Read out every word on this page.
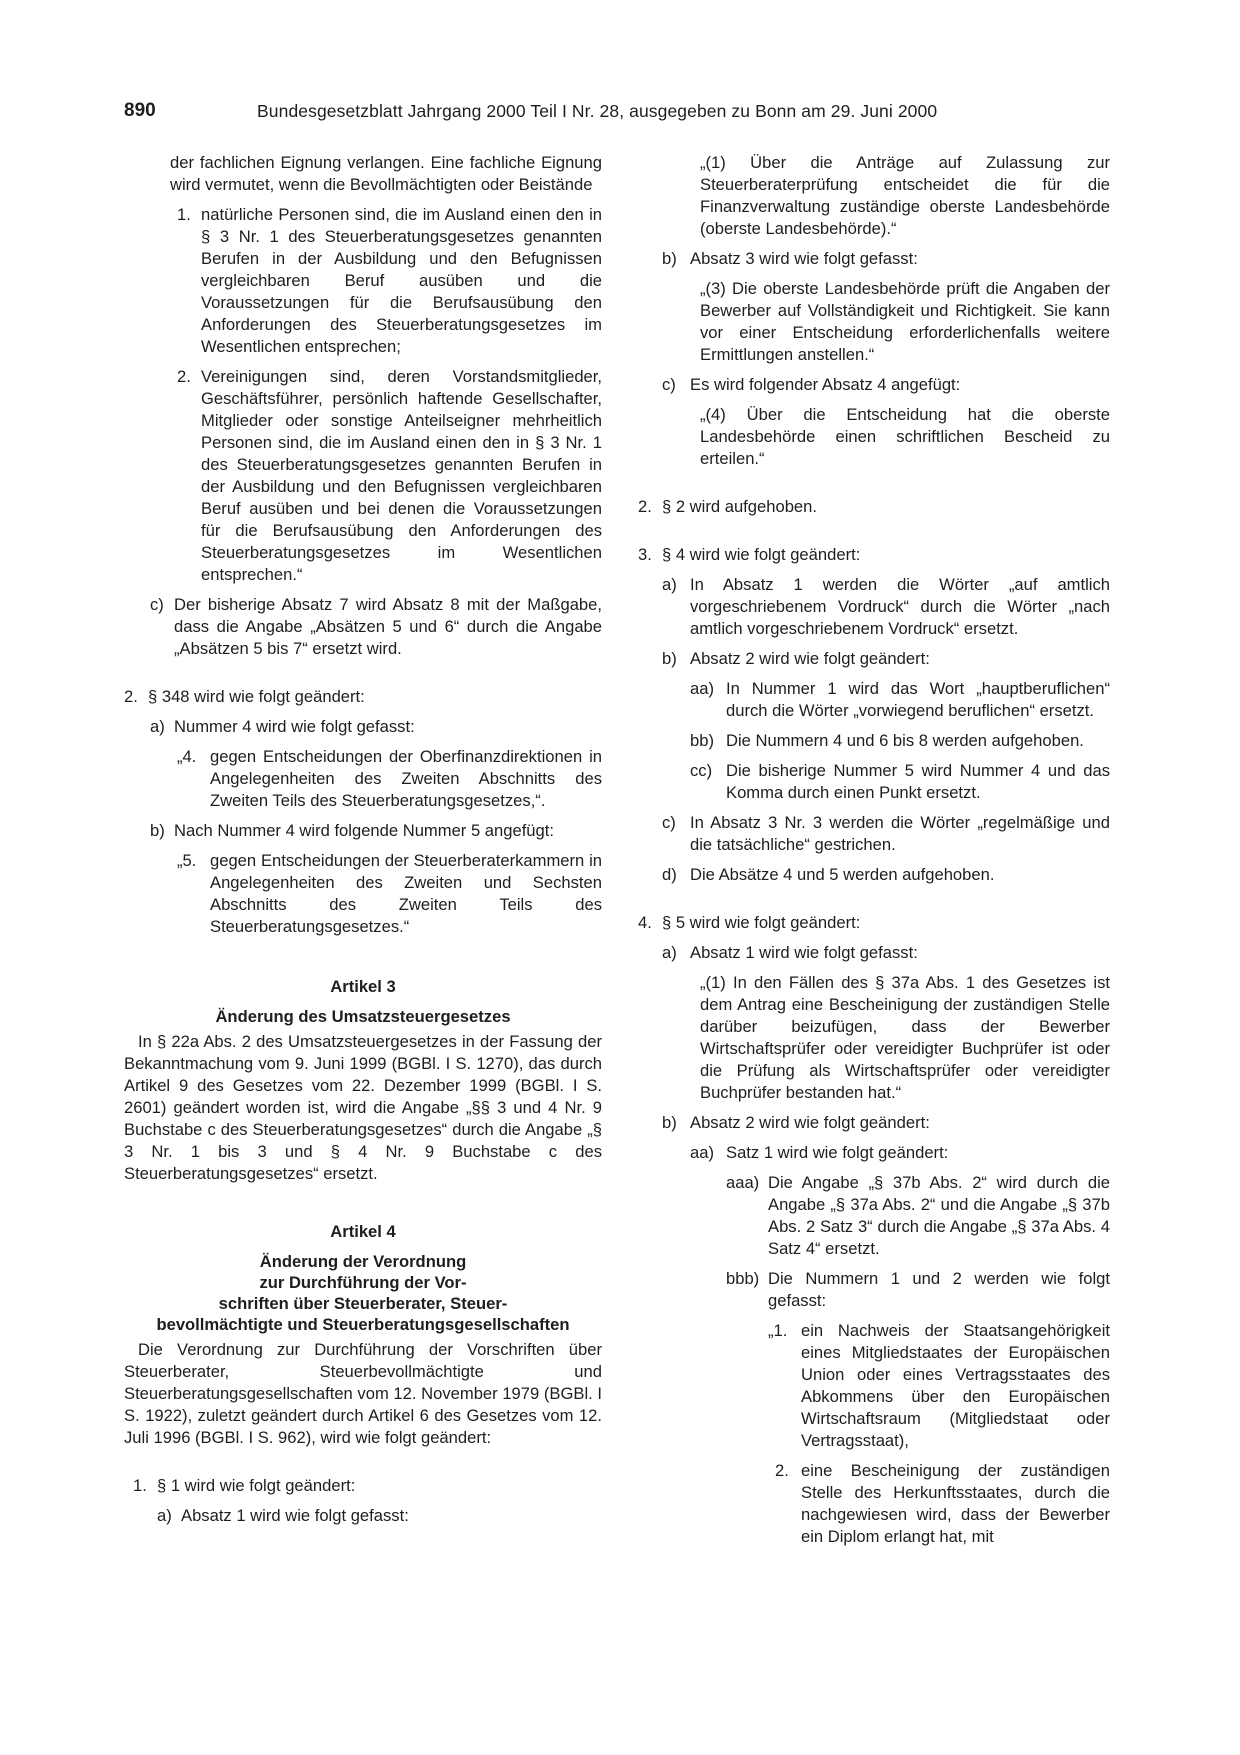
890	Bundesgesetzblatt Jahrgang 2000 Teil I Nr. 28, ausgegeben zu Bonn am 29. Juni 2000

der fachlichen Eignung verlangen. Eine fachliche Eignung wird vermutet, wenn die Bevollmächtigten oder Beistände

1. natürliche Personen sind, die im Ausland einen den in § 3 Nr. 1 des Steuerberatungsgesetzes genannten Berufen in der Ausbildung und den Befugnissen vergleichbaren Beruf ausüben und die Voraussetzungen für die Berufsausübung den Anforderungen des Steuerberatungsgesetzes im Wesentlichen entsprechen;
2. Vereinigungen sind, deren Vorstandsmitglieder, Geschäftsführer, persönlich haftende Gesellschafter, Mitglieder oder sonstige Anteilseigner mehrheitlich Personen sind, die im Ausland einen den in § 3 Nr. 1 des Steuerberatungsgesetzes genannten Berufen in der Ausbildung und den Befugnissen vergleichbaren Beruf ausüben und bei denen die Voraussetzungen für die Berufsausübung den Anforderungen des Steuerberatungsgesetzes im Wesentlichen entsprechen.“
c) Der bisherige Absatz 7 wird Absatz 8 mit der Maßgabe, dass die Angabe „Absätzen 5 und 6“ durch die Angabe „Absätzen 5 bis 7“ ersetzt wird.
2. § 348 wird wie folgt geändert:
a) Nummer 4 wird wie folgt gefasst:
„4. gegen Entscheidungen der Oberfinanzdirektionen in Angelegenheiten des Zweiten Abschnitts des Zweiten Teils des Steuerberatungsgesetzes,“.
b) Nach Nummer 4 wird folgende Nummer 5 angefügt:
„5. gegen Entscheidungen der Steuerberaterkammern in Angelegenheiten des Zweiten und Sechsten Abschnitts des Zweiten Teils des Steuerberatungsgesetzes.“

Artikel 3

Änderung des Umsatzsteuergesetzes

In § 22a Abs. 2 des Umsatzsteuergesetzes in der Fassung der Bekanntmachung vom 9. Juni 1999 (BGBl. I S. 1270), das durch Artikel 9 des Gesetzes vom 22. Dezember 1999 (BGBl. I S. 2601) geändert worden ist, wird die Angabe „§§ 3 und 4 Nr. 9 Buchstabe c des Steuerberatungsgesetzes“ durch die Angabe „§ 3 Nr. 1 bis 3 und § 4 Nr. 9 Buchstabe c des Steuerberatungsgesetzes“ ersetzt.

Artikel 4

Änderung der Verordnung

zur Durchführung der Vor-

schriften über Steuerberater, Steuer-

bevollmächtigte und Steuerberatungsgesellschaften

Die Verordnung zur Durchführung der Vorschriften über Steuerberater, Steuerbevollmächtigte und Steuerberatungsgesellschaften vom 12. November 1979 (BGBl. I S. 1922), zuletzt geändert durch Artikel 6 des Gesetzes vom 12. Juli 1996 (BGBl. I S. 962), wird wie folgt geändert:

1. § 1 wird wie folgt geändert:
a) Absatz 1 wird wie folgt gefasst:

„(1) Über die Anträge auf Zulassung zur Steuerberaterprüfung entscheidet die für die Finanzverwaltung zuständige oberste Landesbehörde (oberste Landesbehörde).“

b) Absatz 3 wird wie folgt gefasst:

„(3) Die oberste Landesbehörde prüft die Angaben der Bewerber auf Vollständigkeit und Richtigkeit. Sie kann vor einer Entscheidung erforderlichenfalls weitere Ermittlungen anstellen.“

c) Es wird folgender Absatz 4 angefügt:

„(4) Über die Entscheidung hat die oberste Landesbehörde einen schriftlichen Bescheid zu erteilen.“

2. § 2 wird aufgehoben.
3. § 4 wird wie folgt geändert:
a) In Absatz 1 werden die Wörter „auf amtlich vorgeschriebenem Vordruck“ durch die Wörter „nach amtlich vorgeschriebenem Vordruck“ ersetzt.
b) Absatz 2 wird wie folgt geändert:
aa) In Nummer 1 wird das Wort „hauptberuflichen“ durch die Wörter „vorwiegend beruflichen“ ersetzt.
bb) Die Nummern 4 und 6 bis 8 werden aufgehoben.
cc) Die bisherige Nummer 5 wird Nummer 4 und das Komma durch einen Punkt ersetzt.
c) In Absatz 3 Nr. 3 werden die Wörter „regelmäßige und die tatsächliche“ gestrichen.
d) Die Absätze 4 und 5 werden aufgehoben.
4. § 5 wird wie folgt geändert:
a) Absatz 1 wird wie folgt gefasst:

„(1) In den Fällen des § 37a Abs. 1 des Gesetzes ist dem Antrag eine Bescheinigung der zuständigen Stelle darüber beizufügen, dass der Bewerber Wirtschaftsprüfer oder vereidigter Buchprüfer ist oder die Prüfung als Wirtschaftsprüfer oder vereidigter Buchprüfer bestanden hat.“

b) Absatz 2 wird wie folgt geändert:
aa) Satz 1 wird wie folgt geändert:
aaa) Die Angabe „§ 37b Abs. 2“ wird durch die Angabe „§ 37a Abs. 2“ und die Angabe „§ 37b Abs. 2 Satz 3“ durch die Angabe „§ 37a Abs. 4 Satz 4“ ersetzt.
bbb) Die Nummern 1 und 2 werden wie folgt gefasst:
„1. ein Nachweis der Staatsangehörigkeit eines Mitgliedstaates der Europäischen Union oder eines Vertragsstaates des Abkommens über den Europäischen Wirtschaftsraum (Mitgliedstaat oder Vertragsstaat),
2. eine Bescheinigung der zuständigen Stelle des Herkunftsstaates, durch die nachgewiesen wird, dass der Bewerber ein Diplom erlangt hat, mit
